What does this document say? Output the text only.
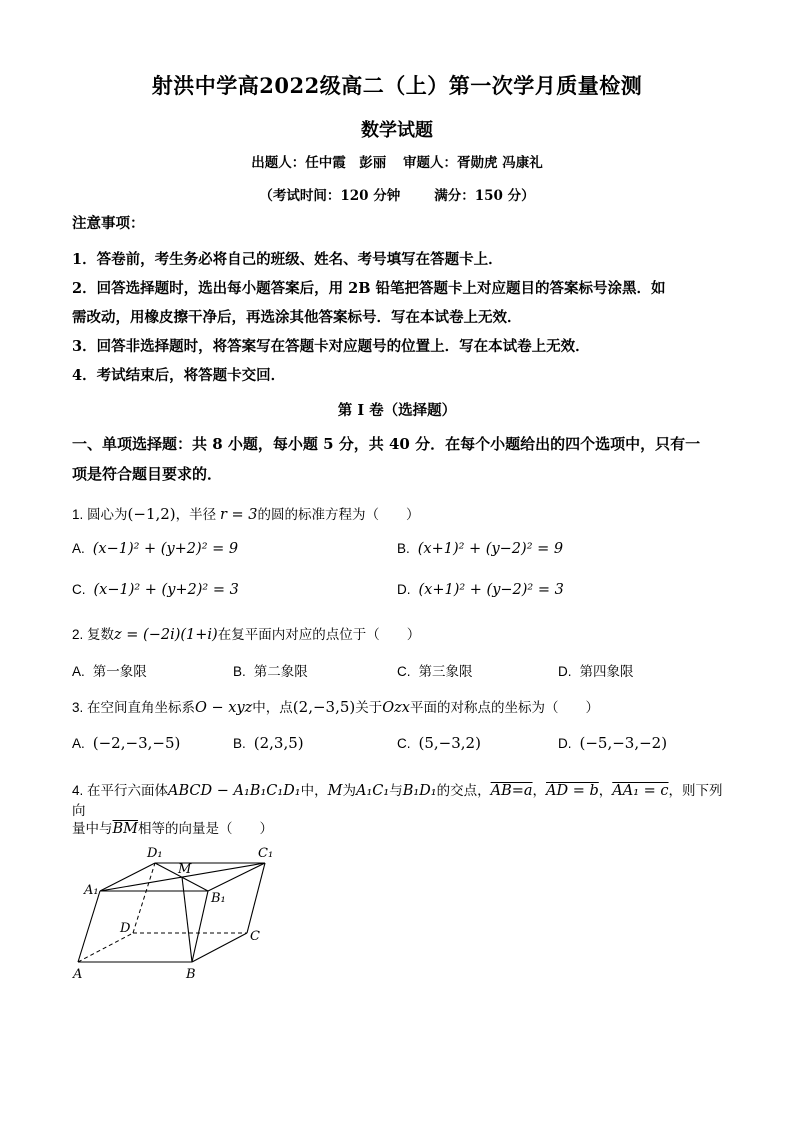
射洪中学高2022级高二（上）第一次学月质量检测
数学试题
出题人：任中霞　彭丽 审题人：胥勋虎 冯康礼
（考试时间：120 分钟	满分：150 分）
注意事项：
1．答卷前，考生务必将自己的班级、姓名、考号填写在答题卡上．
2．回答选择题时，选出每小题答案后，用 2B 铅笔把答题卡上对应题目的答案标号涂黑．如
需改动，用橡皮擦干净后，再选涂其他答案标号．写在本试卷上无效．
3．回答非选择题时，将答案写在答题卡对应题号的位置上．写在本试卷上无效．
4．考试结束后，将答题卡交回．
第 I 卷（选择题）
一、单项选择题：共 8 小题，每小题 5 分，共 40 分．在每个小题给出的四个选项中，只有一
项是符合题目要求的．
1. 圆心为(−1,2)，半径 r = 3的圆的标准方程为（　　）
A. (x−1)² + (y+2)² = 9	B. (x+1)² + (y−2)² = 9
C. (x−1)² + (y+2)² = 3	D. (x+1)² + (y−2)² = 3
2. 复数z = (−2i)(1+i)在复平面内对应的点位于（　　）
A. 第一象限	B. 第二象限	C. 第三象限	D. 第四象限
3. 在空间直角坐标系O − xyz中，点(2,−3,5)关于Ozx平面的对称点的坐标为（　　）
A. (−2,−3,−5)	B. (2,3,5)	C. (5,−3,2)	D. (−5,−3,−2)
4. 在平行六面体ABCD − A₁B₁C₁D₁中，M为A₁C₁与B₁D₁的交点，AB=a，AD = b，AA₁ = c，则下列向
量中与$\overline{BM}$相等的向量是（　　）
D₁	C₁
M
A₁
B₁
D
C
A	B
